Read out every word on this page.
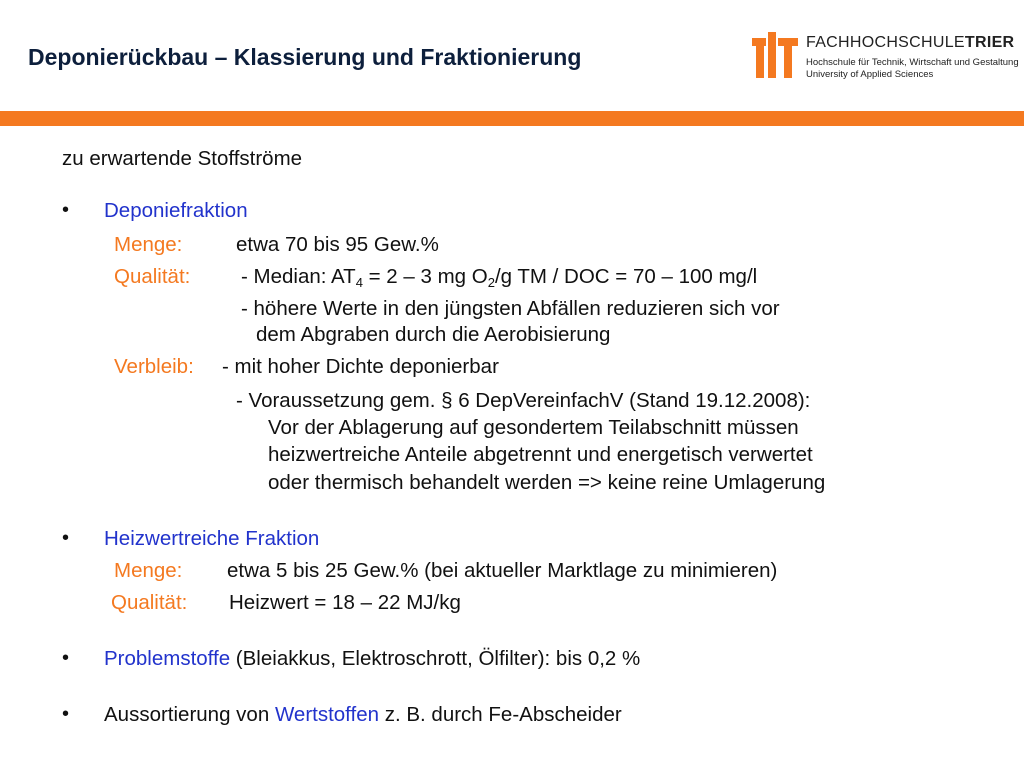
Deponierückbau – Klassierung und Fraktionierung
FACHHOCHSCHULETRIER
Hochschule für Technik, Wirtschaft und Gestaltung
University of Applied Sciences
zu erwartende Stoffströme
• Deponiefraktion
Menge:	etwa 70 bis 95 Gew.%
Qualität: - Median: $AT_4 = 2 - 3$ mg $O_2/g$ TM / DOC = 70 – 100 mg/l
- höhere Werte in den jüngsten Abfällen reduzieren sich vor
dem Abgraben durch die Aerobisierung
Verbleib: - mit hoher Dichte deponierbar
- Voraussetzung gem. § 6 DepVereinfachV (Stand 19.12.2008):
Vor der Ablagerung auf gesondertem Teilabschnitt müssen
heizwertreiche Anteile abgetrennt und energetisch verwertet
oder thermisch behandelt werden => keine reine Umlagerung
• Heizwertreiche Fraktion
Menge: etwa 5 bis 25 Gew.% (bei aktueller Marktlage zu minimieren)
Qualität: Heizwert = 18 – 22 MJ/kg
• Problemstoffe (Bleiakkus, Elektroschrott, Ölfilter): bis 0,2 %
• Aussortierung von Wertstoffen z. B. durch Fe-Abscheider
